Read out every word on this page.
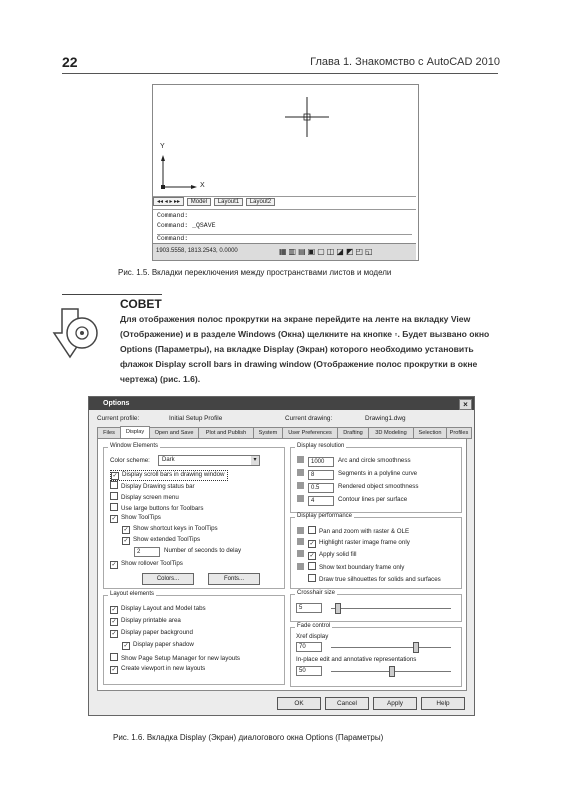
22	Глава 1. Знакомство с AutoCAD 2010
Y
X
◂◂ ◂ ▸ ▸▸ Model Layout1 Layout2
Command:
Command: _QSAVE
Command:
1903.5558, 1813.2543, 0.0000	▦▥▤▣▢◫◪◩◰◱
Рис. 1.5. Вкладки переключения между пространствами листов и модели
СОВЕТ
Для отображения полос прокрутки на экране перейдите на ленте на вкладку View (Отображение) и в разделе Windows (Окна) щелкните на кнопке ▫. Будет вызвано окно Options (Параметры), на вкладке Display (Экран) которого необходимо установить флажок Display scroll bars in drawing window (Отображение полос прокрутки в окне чертежа) (рис. 1.6).
Options	×
Current profile:	Initial Setup Profile	Current drawing:	Drawing1.dwg
Files	Display	Open and Save	Plot and Publish	System	User Preferences	Drafting	3D Modeling	Selection	Profiles
Window Elements
Color scheme: Dark	▾
✓ Display scroll bars in drawing window
Display Drawing status bar
Display screen menu
Use large buttons for Toolbars
✓ Show ToolTips
✓ Show shortcut keys in ToolTips
✓ Show extended ToolTips
2	Number of seconds to delay
✓ Show rollover ToolTips
Colors...	Fonts...
Layout elements
✓ Display Layout and Model tabs
✓ Display printable area
✓ Display paper background
✓ Display paper shadow
Show Page Setup Manager for new layouts
✓ Create viewport in new layouts
Display resolution
1000 Arc and circle smoothness
8	Segments in a polyline curve
0.5	Rendered object smoothness
4	Contour lines per surface
Display performance
Pan and zoom with raster & OLE
✓ Highlight raster image frame only
✓ Apply solid fill
Show text boundary frame only
Draw true silhouettes for solids and surfaces
Crosshair size
5
Fade control
Xref display
70
In-place edit and annotative representations
50
OK	Cancel	Apply	Help
Рис. 1.6. Вкладка Display (Экран) диалогового окна Options (Параметры)
